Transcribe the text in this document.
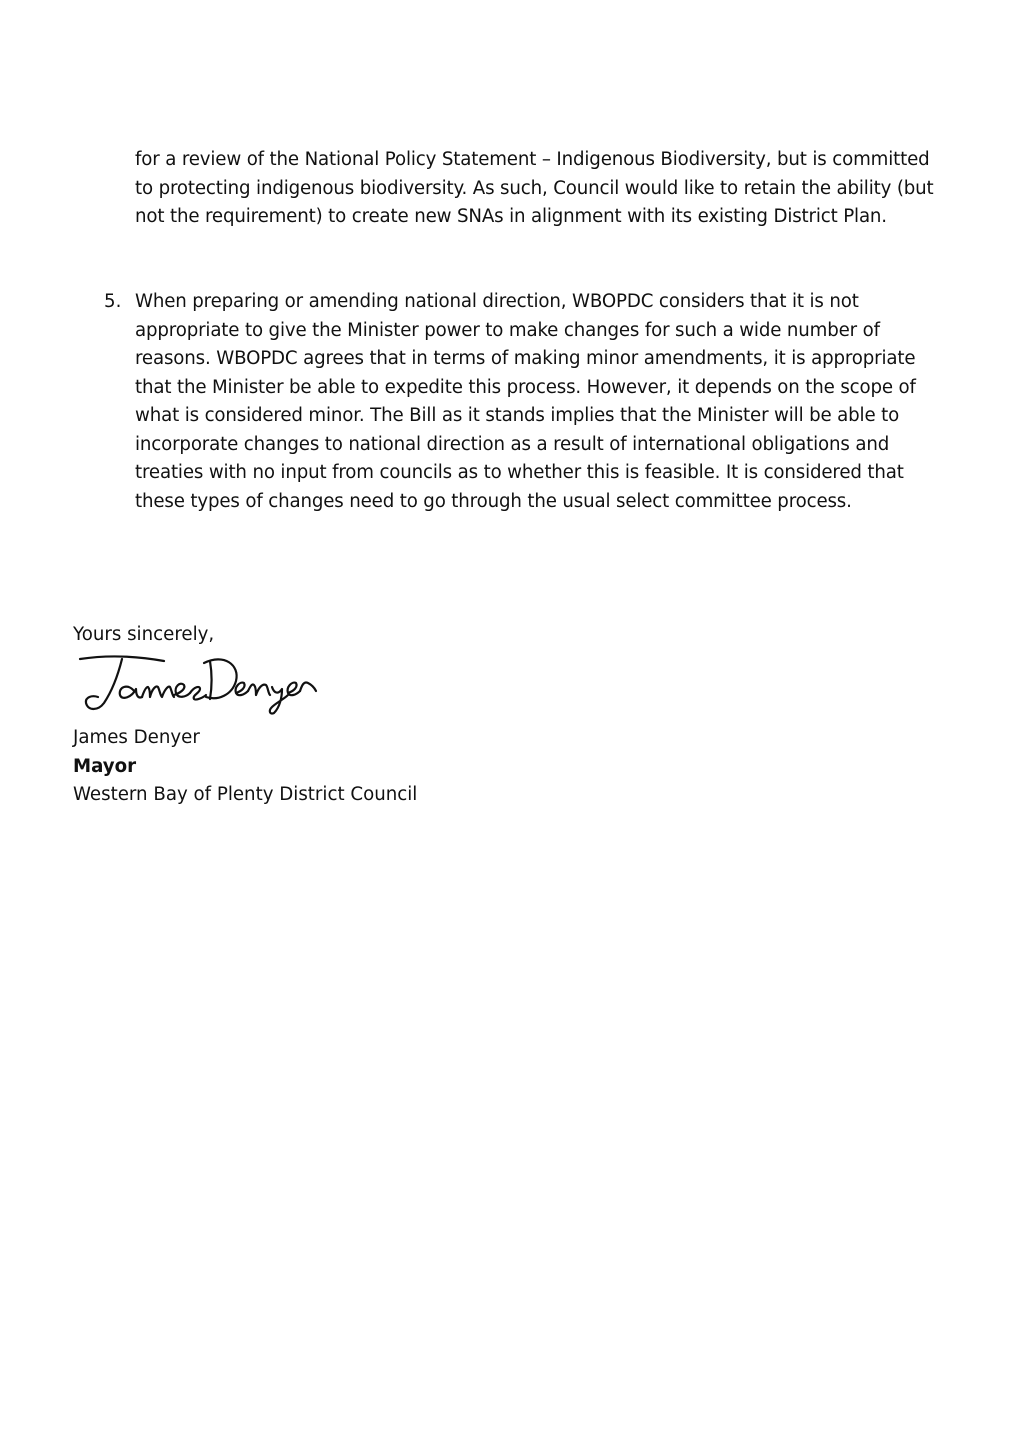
for a review of the National Policy Statement – Indigenous Biodiversity, but is committed to protecting indigenous biodiversity. As such, Council would like to retain the ability (but not the requirement) to create new SNAs in alignment with its existing District Plan.

5. When preparing or amending national direction, WBOPDC considers that it is not appropriate to give the Minister power to make changes for such a wide number of reasons. WBOPDC agrees that in terms of making minor amendments, it is appropriate that the Minister be able to expedite this process. However, it depends on the scope of what is considered minor. The Bill as it stands implies that the Minister will be able to incorporate changes to national direction as a result of international obligations and treaties with no input from councils as to whether this is feasible. It is considered that these types of changes need to go through the usual select committee process.

Yours sincerely,
James Denyer
Mayor
Western Bay of Plenty District Council
